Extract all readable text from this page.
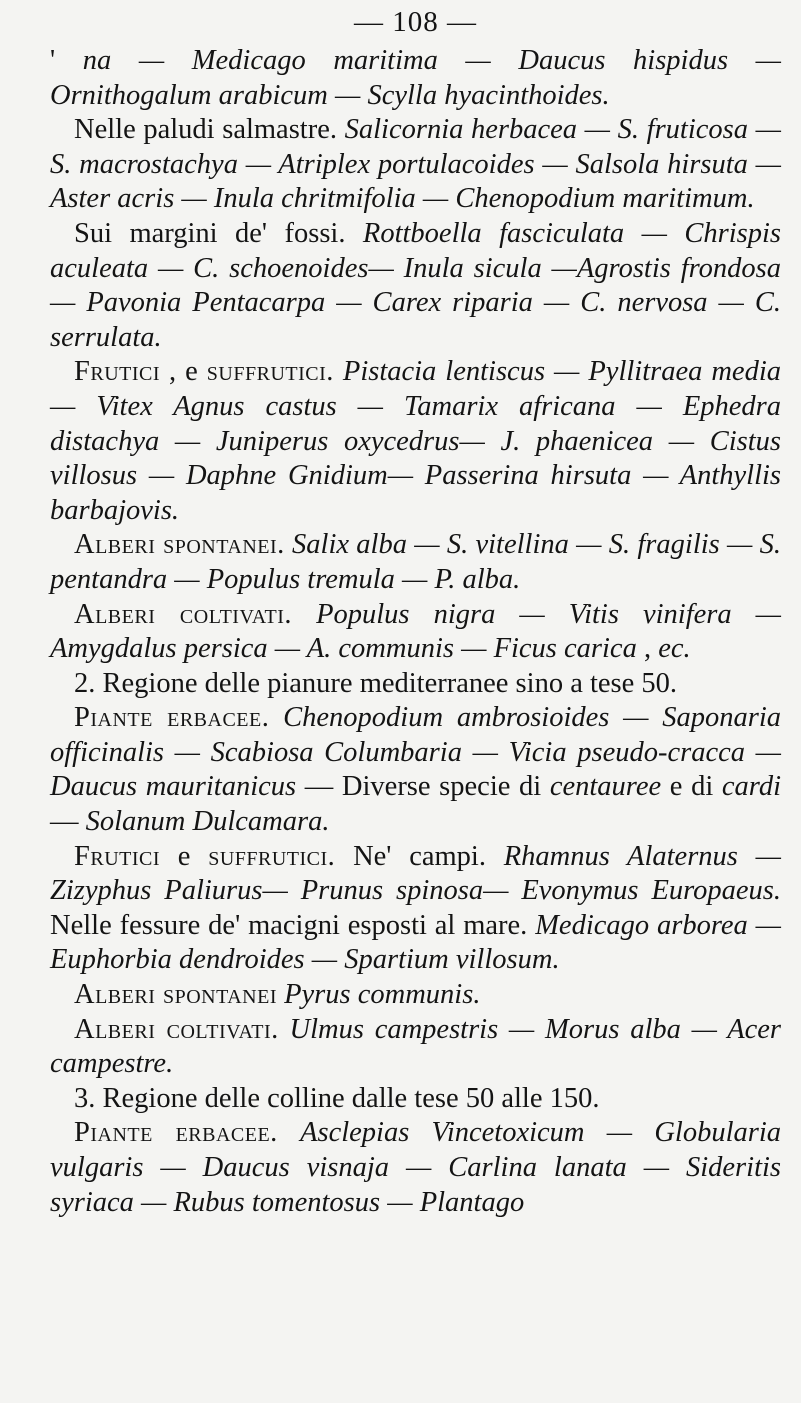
— 108 —

' na — Medicago maritima — Daucus hispidus — Ornithogalum arabicum — Scylla hyacinthoides.

Nelle paludi salmastre. Salicornia herbacea — S. fruticosa — S. macrostachya — Atriplex portulacoides — Salsola hirsuta — Aster acris — Inula chritmifolia — Chenopodium maritimum.

Sui margini de' fossi. Rottboella fasciculata — Chrispis aculeata — C. schoenoides— Inula sicula —Agrostis frondosa — Pavonia Pentacarpa — Carex riparia — C. nervosa — C. serrulata.

Frutici , e suffrutici. Pistacia lentiscus — Pyllitraea media — Vitex Agnus castus — Tamarix africana — Ephedra distachya — Juniperus oxycedrus— J. phaenicea — Cistus villosus — Daphne Gnidium— Passerina hirsuta — Anthyllis barbajovis.

Alberi spontanei. Salix alba — S. vitellina — S. fragilis — S. pentandra — Populus tremula — P. alba.

Alberi coltivati. Populus nigra — Vitis vinifera — Amygdalus persica — A. communis — Ficus carica , ec.

2. Regione delle pianure mediterranee sino a tese 50.

Piante erbacee. Chenopodium ambrosioides — Saponaria officinalis — Scabiosa Columbaria — Vicia pseudo-cracca — Daucus mauritanicus — Diverse specie di centauree e di cardi — Solanum Dulcamara.

Frutici e suffrutici. Ne' campi. Rhamnus Alaternus — Zizyphus Paliurus— Prunus spinosa— Evonymus Europaeus. Nelle fessure de' macigni esposti al mare. Medicago arborea — Euphorbia dendroides — Spartium villosum.

Alberi spontanei Pyrus communis.

Alberi coltivati. Ulmus campestris — Morus alba — Acer campestre.

3. Regione delle colline dalle tese 50 alle 150.

Piante erbacee. Asclepias Vincetoxicum — Globularia vulgaris — Daucus visnaja — Carlina lanata — Sideritis syriaca — Rubus tomentosus — Plantago
